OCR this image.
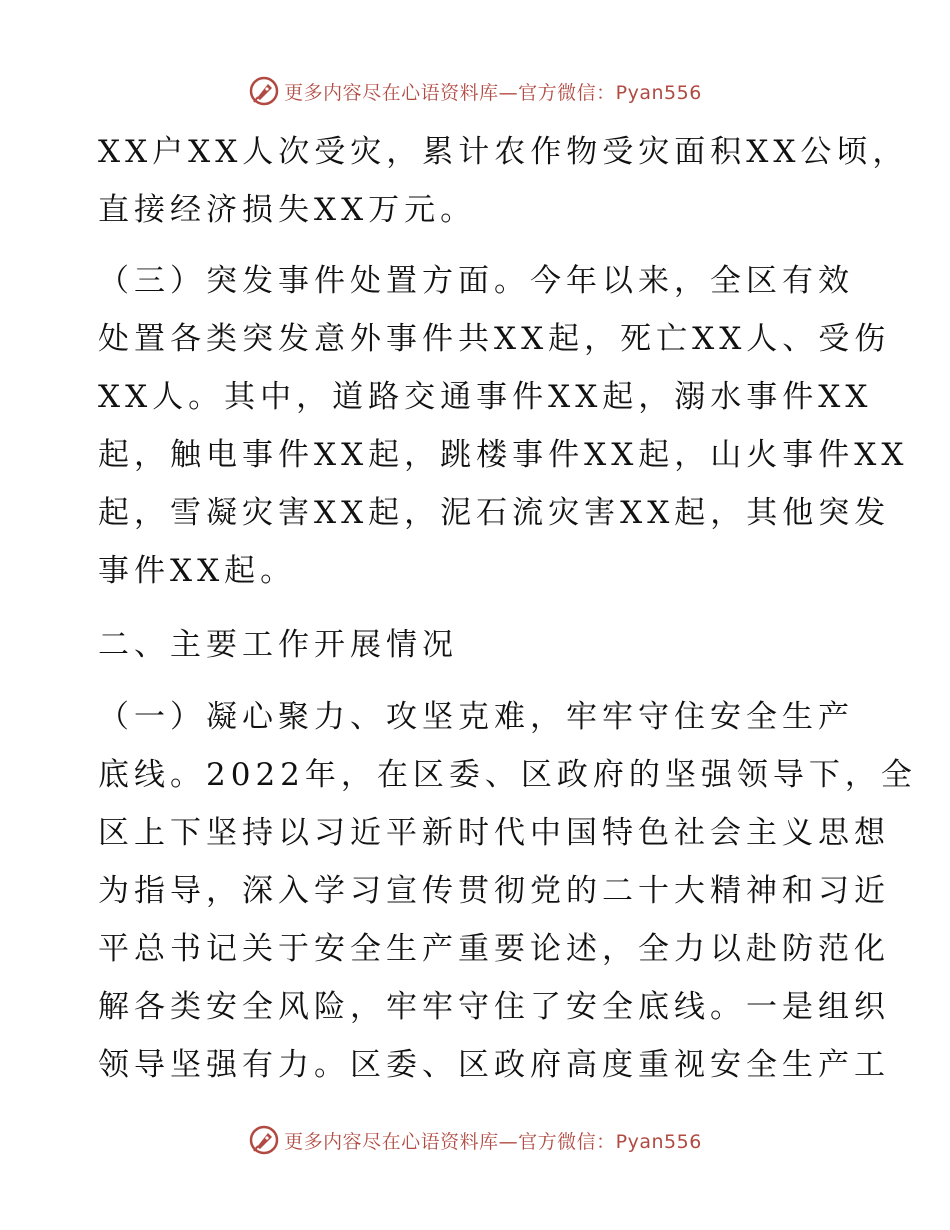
更多内容尽在心语资料库—官方微信：Pyan556
XX户XX人次受灾，累计农作物受灾面积XX公顷，
直接经济损失XX万元。
（三）突发事件处置方面。今年以来，全区有效
处置各类突发意外事件共XX起，死亡XX人、受伤
XX人。其中，道路交通事件XX起，溺水事件XX
起，触电事件XX起，跳楼事件XX起，山火事件XX
起，雪凝灾害XX起，泥石流灾害XX起，其他突发
事件XX起。
二、主要工作开展情况
（一）凝心聚力、攻坚克难，牢牢守住安全生产
底线。2022年，在区委、区政府的坚强领导下，全
区上下坚持以习近平新时代中国特色社会主义思想
为指导，深入学习宣传贯彻党的二十大精神和习近
平总书记关于安全生产重要论述，全力以赴防范化
解各类安全风险，牢牢守住了安全底线。一是组织
领导坚强有力。区委、区政府高度重视安全生产工
更多内容尽在心语资料库—官方微信：Pyan556
